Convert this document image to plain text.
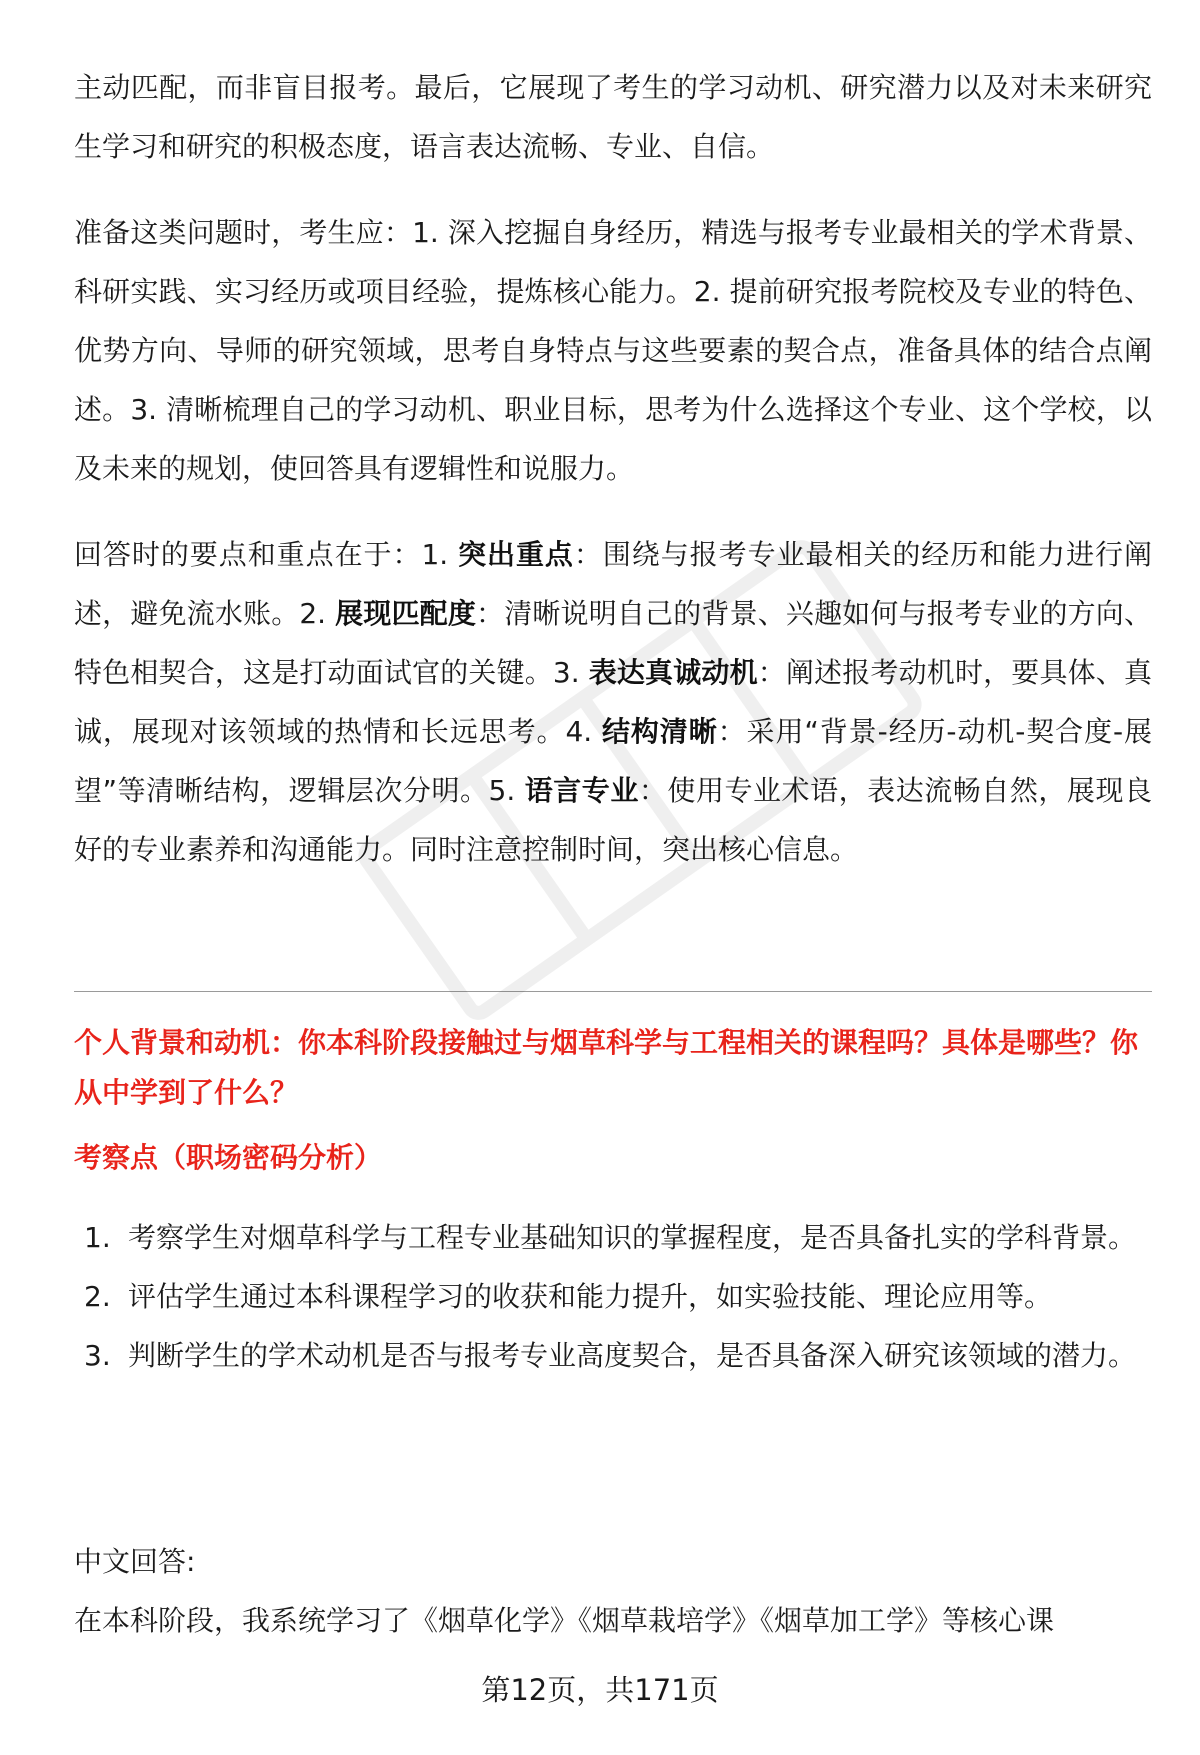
主动匹配，而非盲目报考。最后，它展现了考生的学习动机、研究潜力以及对未来研究生学习和研究的积极态度，语言表达流畅、专业、自信。

准备这类问题时，考生应：1. 深入挖掘自身经历，精选与报考专业最相关的学术背景、科研实践、实习经历或项目经验，提炼核心能力。2. 提前研究报考院校及专业的特色、优势方向、导师的研究领域，思考自身特点与这些要素的契合点，准备具体的结合点阐述。3. 清晰梳理自己的学习动机、职业目标，思考为什么选择这个专业、这个学校，以及未来的规划，使回答具有逻辑性和说服力。

回答时的要点和重点在于：1. 突出重点：围绕与报考专业最相关的经历和能力进行阐述，避免流水账。2. 展现匹配度：清晰说明自己的背景、兴趣如何与报考专业的方向、特色相契合，这是打动面试官的关键。3. 表达真诚动机：阐述报考动机时，要具体、真诚，展现对该领域的热情和长远思考。4. 结构清晰：采用“背景-经历-动机-契合度-展望”等清晰结构，逻辑层次分明。5. 语言专业：使用专业术语，表达流畅自然，展现良好的专业素养和沟通能力。同时注意控制时间，突出核心信息。

个人背景和动机：你本科阶段接触过与烟草科学与工程相关的课程吗？具体是哪些？你从中学到了什么？

考察点（职场密码分析）

1. 考察学生对烟草科学与工程专业基础知识的掌握程度，是否具备扎实的学科背景。
2. 评估学生通过本科课程学习的收获和能力提升，如实验技能、理论应用等。
3. 判断学生的学术动机是否与报考专业高度契合，是否具备深入研究该领域的潜力。

中文回答:

在本科阶段，我系统学习了《烟草化学》《烟草栽培学》《烟草加工学》等核心课

第12页，共171页
